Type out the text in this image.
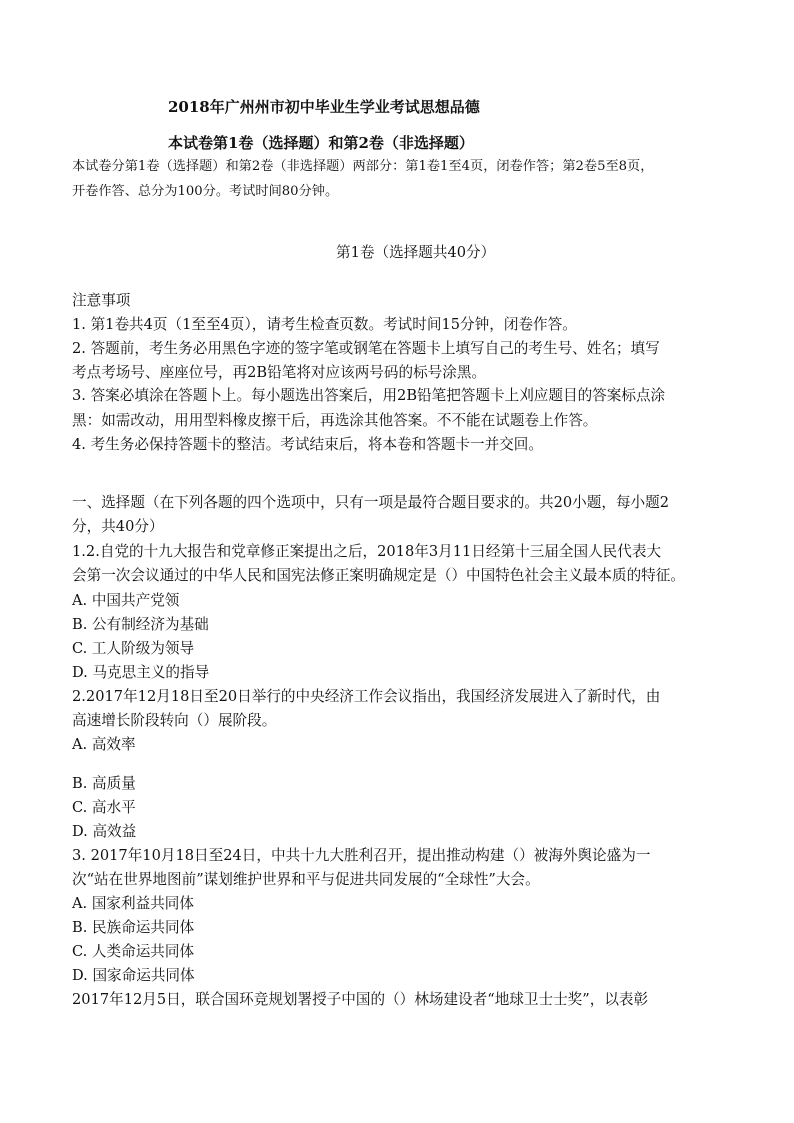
2018年广州州市初中毕业生学业考试思想品德
本试卷第1卷（选择题）和第2卷（非选择题）
本试卷分第1卷（选择题）和第2卷（非选择题）两部分：第1卷1至4页，闭卷作答；第2卷5至8页，
开卷作答、总分为100分。考试时间80分钟。
第1卷（选择题共40分）
注意事项
1. 第1卷共4页（1至至4页），请考生检查页数。考试时间15分钟，闭卷作答。
2. 答题前，考生务必用黑色字迹的签字笔或钢笔在答题卡上填写自己的考生号、姓名；填写
考点考场号、座座位号，再2B铅笔将对应该两号码的标号涂黑。
3. 答案必填涂在答题卜上。每小题选出答案后，用2B铅笔把答题卡上刈应题目的答案标点涂
黑：如需改动，用用型料橡皮擦干后，再选涂其他答案。不不能在试题卷上作答。
4. 考生务必保持答题卡的整洁。考试结束后，将本卷和答题卡一并交回。
一、选择题（在下列各题的四个选项中，只有一项是最符合题目要求的。共20小题，每小题2
分，共40分）
1.2.自党的十九大报告和党章修正案提出之后，2018年3月11日经第十三届全国人民代表大
会第一次会议通过的中华人民和国宪法修正案明确规定是（）中国特色社会主义最本质的特征。
A. 中国共产党领
B. 公有制经济为基础
C. 工人阶级为领导
D. 马克思主义的指导
2.2017年12月18日至20日举行的中央经济工作会议指出，我国经济发展进入了新时代，由
高速增长阶段转向（）展阶段。
A. 高效率
B. 高质量
C. 高水平
D. 高效益
3. 2017年10月18日至24日，中共十九大胜利召开，提出推动构建（）被海外舆论盛为一
次“站在世界地图前”谋划维护世界和平与促进共同发展的“全球性”大会。
A. 国家利益共同体
B. 民族命运共同体
C. 人类命运共同体
D. 国家命运共同体
2017年12月5日，联合国环竞规划署授子中国的（）林场建设者“地球卫士士奖”，以表彰
